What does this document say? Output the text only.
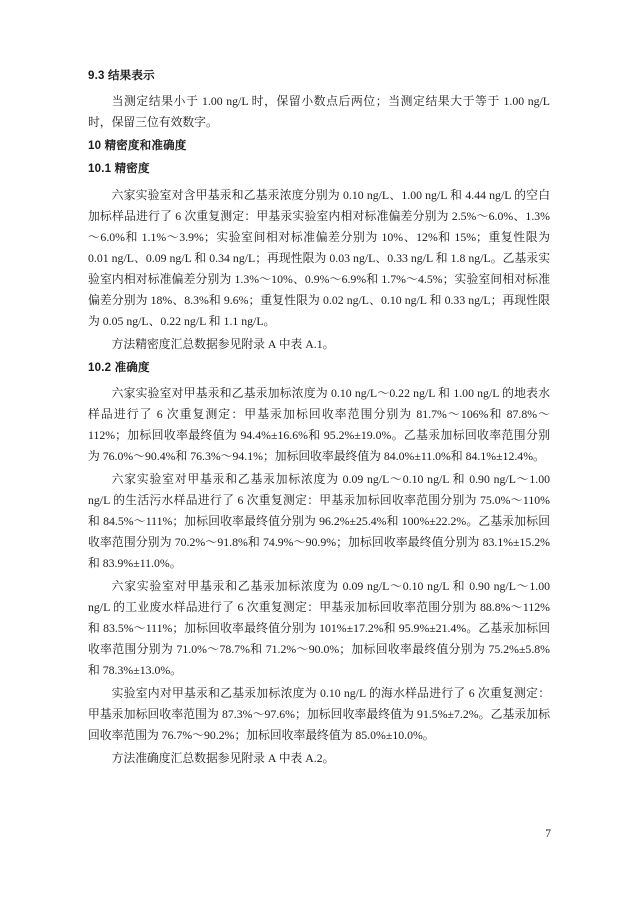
9.3 结果表示

当测定结果小于 1.00 ng/L 时，保留小数点后两位；当测定结果大于等于 1.00 ng/L 时，保留三位有效数字。

10 精密度和准确度
10.1 精密度

六家实验室对含甲基汞和乙基汞浓度分别为 0.10 ng/L、1.00 ng/L 和 4.44 ng/L 的空白加标样品进行了 6 次重复测定：甲基汞实验室内相对标准偏差分别为 2.5%～6.0%、1.3%～6.0%和 1.1%～3.9%；实验室间相对标准偏差分别为 10%、12%和 15%；重复性限为 0.01 ng/L、0.09 ng/L 和 0.34 ng/L；再现性限为 0.03 ng/L、0.33 ng/L 和 1.8 ng/L。乙基汞实验室内相对标准偏差分别为 1.3%～10%、0.9%～6.9%和 1.7%～4.5%；实验室间相对标准偏差分别为 18%、8.3%和 9.6%；重复性限为 0.02 ng/L、0.10 ng/L 和 0.33 ng/L；再现性限为 0.05 ng/L、0.22 ng/L 和 1.1 ng/L。

方法精密度汇总数据参见附录 A 中表 A.1。

10.2 准确度

六家实验室对甲基汞和乙基汞加标浓度为 0.10 ng/L～0.22 ng/L 和 1.00 ng/L 的地表水样品进行了 6 次重复测定：甲基汞加标回收率范围分别为 81.7%～106%和 87.8%～112%；加标回收率最终值为 94.4%±16.6%和 95.2%±19.0%。乙基汞加标回收率范围分别为 76.0%～90.4%和 76.3%～94.1%；加标回收率最终值为 84.0%±11.0%和 84.1%±12.4%。

六家实验室对甲基汞和乙基汞加标浓度为 0.09 ng/L～0.10 ng/L 和 0.90 ng/L～1.00 ng/L 的生活污水样品进行了 6 次重复测定：甲基汞加标回收率范围分别为 75.0%～110%和 84.5%～111%；加标回收率最终值分别为 96.2%±25.4%和 100%±22.2%。乙基汞加标回收率范围分别为 70.2%～91.8%和 74.9%～90.9%；加标回收率最终值分别为 83.1%±15.2%和 83.9%±11.0%。

六家实验室对甲基汞和乙基汞加标浓度为 0.09 ng/L～0.10 ng/L 和 0.90 ng/L～1.00 ng/L 的工业废水样品进行了 6 次重复测定：甲基汞加标回收率范围分别为 88.8%～112%和 83.5%～111%；加标回收率最终值分别为 101%±17.2%和 95.9%±21.4%。乙基汞加标回收率范围分别为 71.0%～78.7%和 71.2%～90.0%；加标回收率最终值分别为 75.2%±5.8%和 78.3%±13.0%。

实验室内对甲基汞和乙基汞加标浓度为 0.10 ng/L 的海水样品进行了 6 次重复测定：甲基汞加标回收率范围为 87.3%～97.6%；加标回收率最终值为 91.5%±7.2%。乙基汞加标回收率范围为 76.7%～90.2%；加标回收率最终值为 85.0%±10.0%。

方法准确度汇总数据参见附录 A 中表 A.2。

7
